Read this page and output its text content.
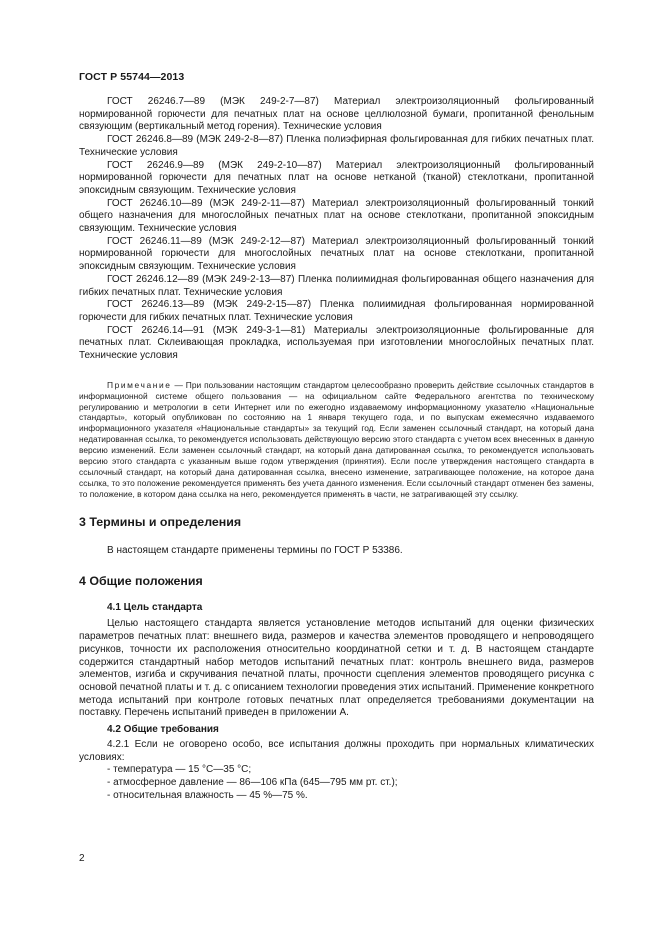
ГОСТ Р 55744—2013

ГОСТ 26246.7—89 (МЭК 249-2-7—87) Материал электроизоляционный фольгированный нормированной горючести для печатных плат на основе целлюлозной бумаги, пропитанной фенольным связующим (вертикальный метод горения). Технические условия

ГОСТ 26246.8—89 (МЭК 249-2-8—87) Пленка полиэфирная фольгированная для гибких печатных плат. Технические условия

ГОСТ 26246.9—89 (МЭК 249-2-10—87) Материал электроизоляционный фольгированный нормированной горючести для печатных плат на основе нетканой (тканой) стеклоткани, пропитанной эпоксидным связующим. Технические условия

ГОСТ 26246.10—89 (МЭК 249-2-11—87) Материал электроизоляционный фольгированный тонкий общего назначения для многослойных печатных плат на основе стеклоткани, пропитанной эпоксидным связующим. Технические условия

ГОСТ 26246.11—89 (МЭК 249-2-12—87) Материал электроизоляционный фольгированный тонкий нормированной горючести для многослойных печатных плат на основе стеклоткани, пропитанной эпоксидным связующим. Технические условия

ГОСТ 26246.12—89 (МЭК 249-2-13—87) Пленка полиимидная фольгированная общего назначения для гибких печатных плат. Технические условия

ГОСТ 26246.13—89 (МЭК 249-2-15—87) Пленка полиимидная фольгированная нормированной горючести для гибких печатных плат. Технические условия

ГОСТ 26246.14—91 (МЭК 249-3-1—81) Материалы электроизоляционные фольгированные для печатных плат. Склеивающая прокладка, используемая при изготовлении многослойных печатных плат. Технические условия

Примечание — При пользовании настоящим стандартом целесообразно проверить действие ссылочных стандартов в информационной системе общего пользования — на официальном сайте Федерального агентства по техническому регулированию и метрологии в сети Интернет или по ежегодно издаваемому информационному указателю «Национальные стандарты», который опубликован по состоянию на 1 января текущего года, и по выпускам ежемесячно издаваемого информационного указателя «Национальные стандарты» за текущий год. Если заменен ссылочный стандарт, на который дана недатированная ссылка, то рекомендуется использовать действующую версию этого стандарта с учетом всех внесенных в данную версию изменений. Если заменен ссылочный стандарт, на который дана датированная ссылка, то рекомендуется использовать версию этого стандарта с указанным выше годом утверждения (принятия). Если после утверждения настоящего стандарта в ссылочный стандарт, на который дана датированная ссылка, внесено изменение, затрагивающее положение, на которое дана ссылка, то это положение рекомендуется применять без учета данного изменения. Если ссылочный стандарт отменен без замены, то положение, в котором дана ссылка на него, рекомендуется применять в части, не затрагивающей эту ссылку.

3 Термины и определения

В настоящем стандарте применены термины по ГОСТ Р 53386.

4 Общие положения
4.1 Цель стандарта

Целью настоящего стандарта является установление методов испытаний для оценки физических параметров печатных плат: внешнего вида, размеров и качества элементов проводящего и непроводящего рисунков, точности их расположения относительно координатной сетки и т. д. В настоящем стандарте содержится стандартный набор методов испытаний печатных плат: контроль внешнего вида, размеров элементов, изгиба и скручивания печатной платы, прочности сцепления элементов проводящего рисунка с основой печатной платы и т. д. с описанием технологии проведения этих испытаний. Применение конкретного метода испытаний при контроле готовых печатных плат определяется требованиями документации на поставку. Перечень испытаний приведен в приложении А.

4.2 Общие требования

4.2.1 Если не оговорено особо, все испытания должны проходить при нормальных климатических условиях:

- температура — 15 °С—35 °С;

- атмосферное давление — 86—106 кПа (645—795 мм рт. ст.);

- относительная влажность — 45 %—75 %.

2
